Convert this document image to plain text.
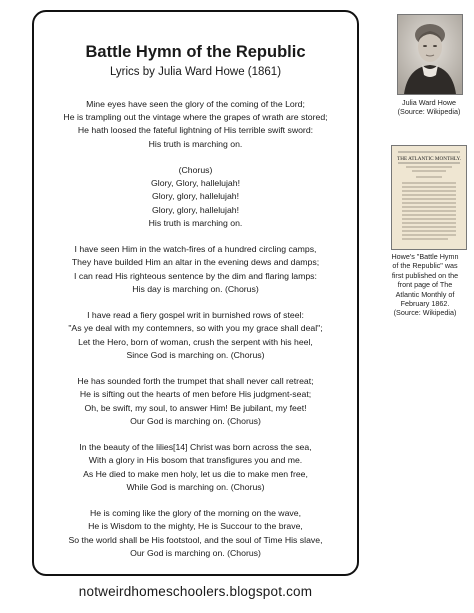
Battle Hymn of the Republic

Lyrics by Julia Ward Howe (1861)

Mine eyes have seen the glory of the coming of the Lord;
He is trampling out the vintage where the grapes of wrath are stored;
He hath loosed the fateful lightning of His terrible swift sword:
His truth is marching on.
(Chorus)
Glory, Glory, hallelujah!
Glory, glory, hallelujah!
Glory, glory, hallelujah!
His truth is marching on.
I have seen Him in the watch-fires of a hundred circling camps,
They have builded Him an altar in the evening dews and damps;
I can read His righteous sentence by the dim and flaring lamps:
His day is marching on. (Chorus)
I have read a fiery gospel writ in burnished rows of steel:
"As ye deal with my contemners, so with you my grace shall deal";
Let the Hero, born of woman, crush the serpent with his heel,
Since God is marching on. (Chorus)
He has sounded forth the trumpet that shall never call retreat;
He is sifting out the hearts of men before His judgment-seat;
Oh, be swift, my soul, to answer Him! Be jubilant, my feet!
Our God is marching on. (Chorus)
In the beauty of the lilies[14] Christ was born across the sea,
With a glory in His bosom that transfigures you and me.
As He died to make men holy, let us die to make men free,
While God is marching on. (Chorus)
He is coming like the glory of the morning on the wave,
He is Wisdom to the mighty, He is Succour to the brave,
So the world shall be His footstool, and the soul of Time His slave,
Our God is marching on. (Chorus)
Julia Ward Howe
(Source: Wikipedia)
THE ATLANTIC MONTHLY.
Howe's "Battle Hymn
of the Republic" was
first published on the
front page of The
Atlantic Monthly of
February 1862.
(Source: Wikipedia)
notweirdhomeschoolers.blogspot.com
